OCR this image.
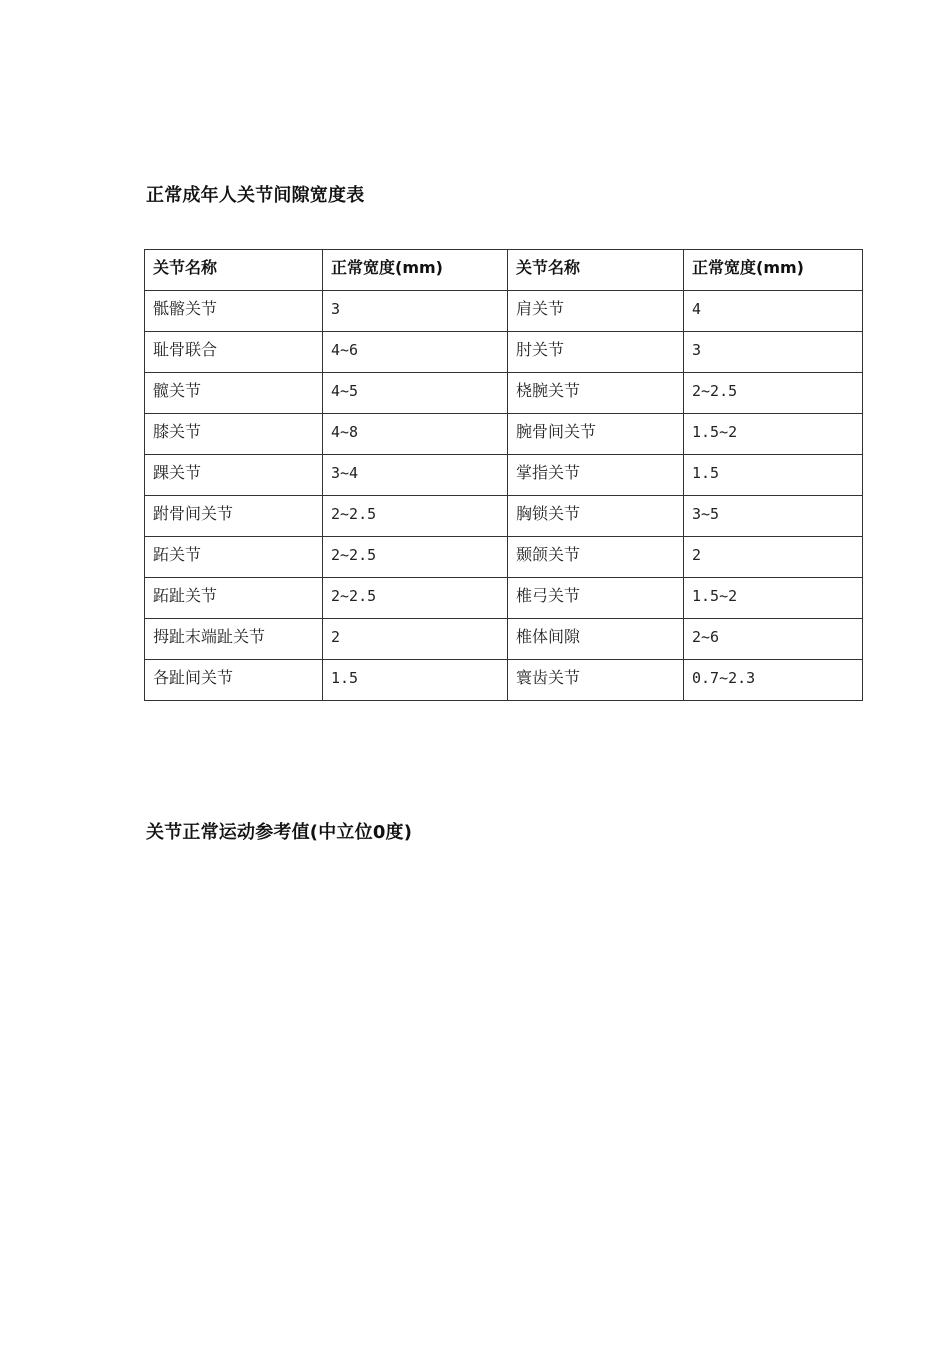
正常成年人关节间隙宽度表
关节名称	正常宽度(mm)	关节名称	正常宽度(mm)
骶髂关节	3	肩关节	4
耻骨联合	4~6	肘关节	3
髋关节	4~5	桡腕关节	2~2.5
膝关节	4~8	腕骨间关节	1.5~2
踝关节	3~4	掌指关节	1.5
跗骨间关节	2~2.5	胸锁关节	3~5
跖关节	2~2.5	颞颌关节	2
跖趾关节	2~2.5	椎弓关节	1.5~2
拇趾末端趾关节	2	椎体间隙	2~6
各趾间关节	1.5	寰齿关节	0.7~2.3
关节正常运动参考值(中立位0度)
